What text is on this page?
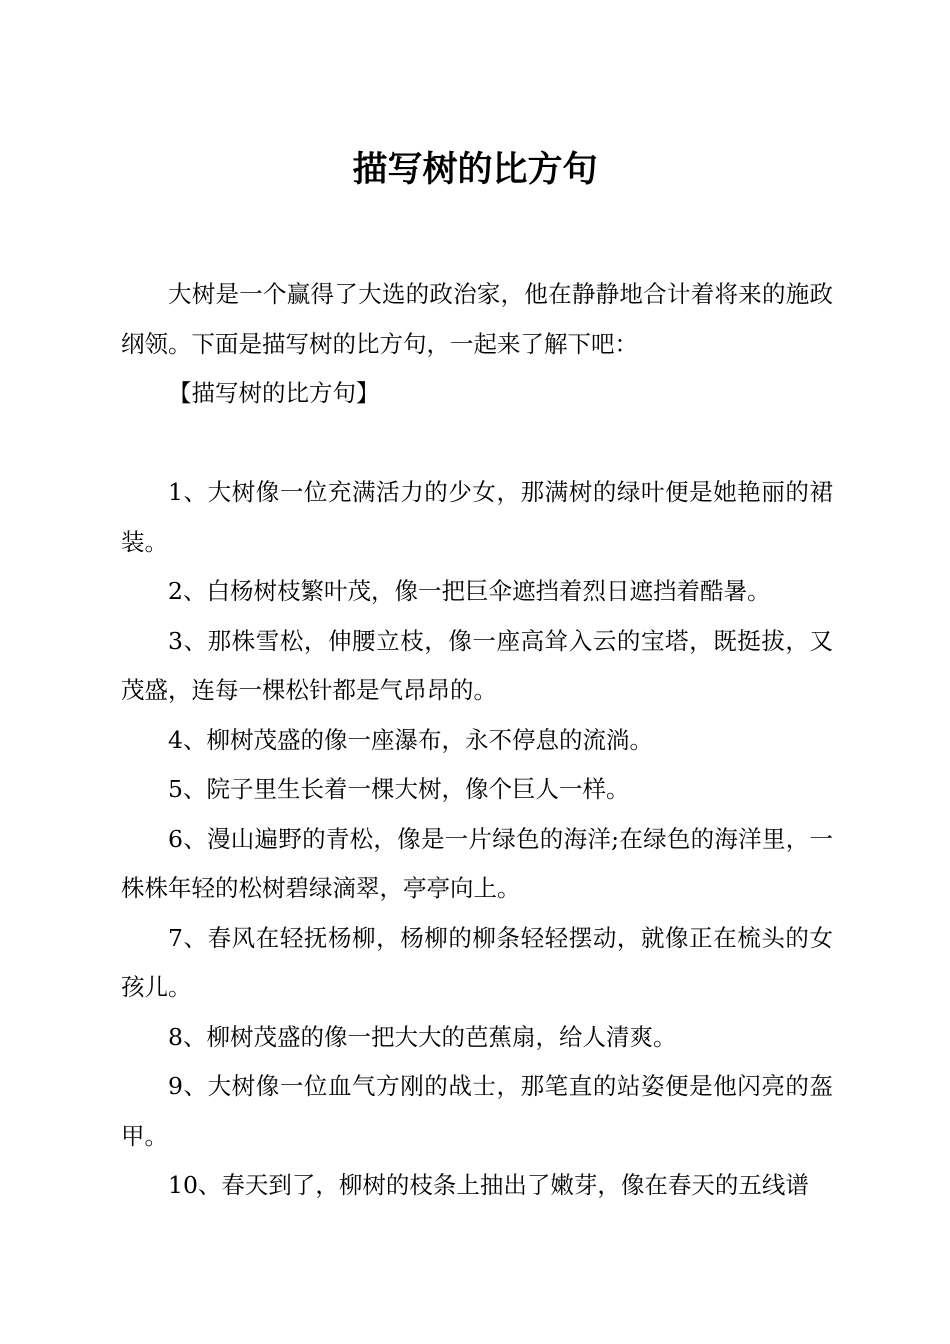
描写树的比方句

大树是一个赢得了大选的政治家，他在静静地合计着将来的施政纲领。下面是描写树的比方句，一起来了解下吧：

【描写树的比方句】

1、大树像一位充满活力的少女，那满树的绿叶便是她艳丽的裙装。

2、白杨树枝繁叶茂，像一把巨伞遮挡着烈日遮挡着酷暑。

3、那株雪松，伸腰立枝，像一座高耸入云的宝塔，既挺拔，又茂盛，连每一棵松针都是气昂昂的。

4、柳树茂盛的像一座瀑布，永不停息的流淌。

5、院子里生长着一棵大树，像个巨人一样。

6、漫山遍野的青松，像是一片绿色的海洋;在绿色的海洋里，一株株年轻的松树碧绿滴翠，亭亭向上。

7、春风在轻抚杨柳，杨柳的柳条轻轻摆动，就像正在梳头的女孩儿。

8、柳树茂盛的像一把大大的芭蕉扇，给人清爽。

9、大树像一位血气方刚的战士，那笔直的站姿便是他闪亮的盔甲。

10、春天到了，柳树的枝条上抽出了嫩芽，像在春天的五线谱
